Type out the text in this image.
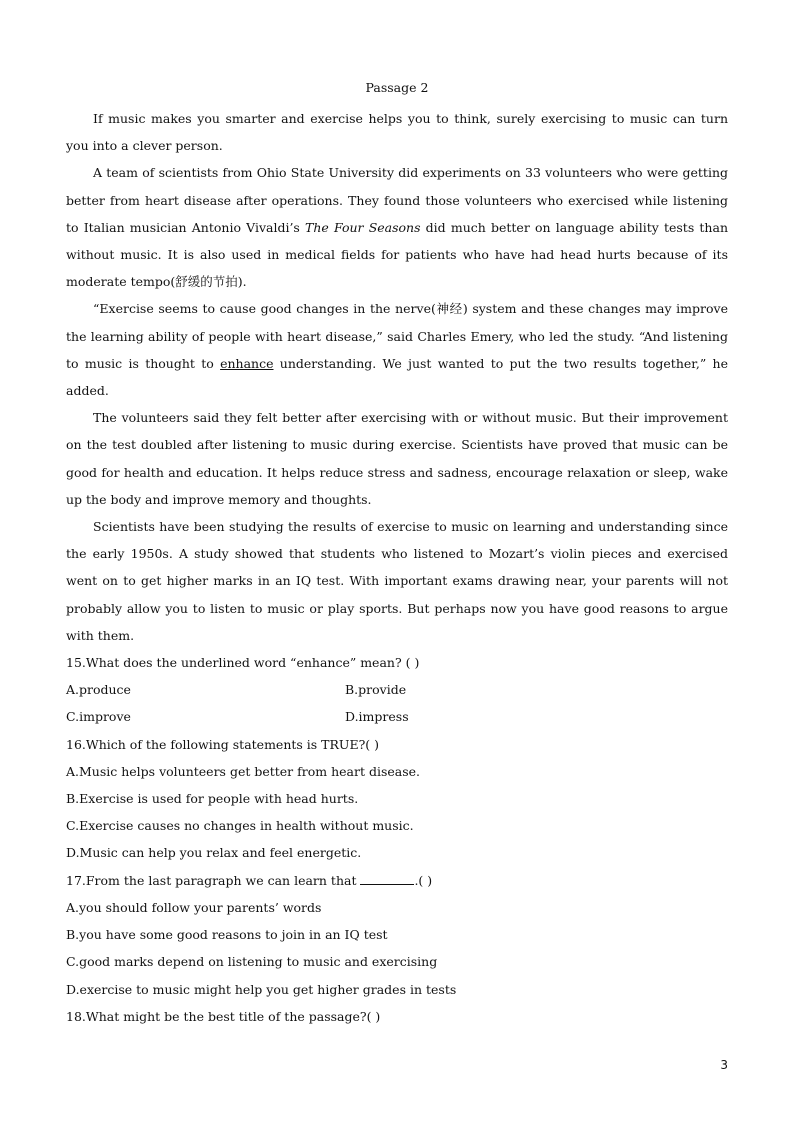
Passage 2

If music makes you smarter and exercise helps you to think, surely exercising to music can turn you into a clever person.

A team of scientists from Ohio State University did experiments on 33 volunteers who were getting better from heart disease after operations. They found those volunteers who exercised while listening to Italian musician Antonio Vivaldi’s The Four Seasons did much better on language ability tests than without music. It is also used in medical fields for patients who have had head hurts because of its moderate tempo(舒缓的节拍).

“Exercise seems to cause good changes in the nerve(神经) system and these changes may improve the learning ability of people with heart disease,” said Charles Emery, who led the study. “And listening to music is thought to enhance understanding. We just wanted to put the two results together,” he added.

The volunteers said they felt better after exercising with or without music. But their improvement on the test doubled after listening to music during exercise. Scientists have proved that music can be good for health and education. It helps reduce stress and sadness, encourage relaxation or sleep, wake up the body and improve memory and thoughts.

Scientists have been studying the results of exercise to music on learning and understanding since the early 1950s. A study showed that students who listened to Mozart’s violin pieces and exercised went on to get higher marks in an IQ test. With important exams drawing near, your parents will not probably allow you to listen to music or play sports. But perhaps now you have good reasons to argue with them.

15.What does the underlined word “enhance” mean? ( )

A.produce	B.provide
C.improve	D.impress

16.Which of the following statements is TRUE?( )

A.Music helps volunteers get better from heart disease.

B.Exercise is used for people with head hurts.

C.Exercise causes no changes in health without music.

D.Music can help you relax and feel energetic.

17.From the last paragraph we can learn that	.( )

A.you should follow your parents’ words

B.you have some good reasons to join in an IQ test

C.good marks depend on listening to music and exercising

D.exercise to music might help you get higher grades in tests

18.What might be the best title of the passage?( )

3
